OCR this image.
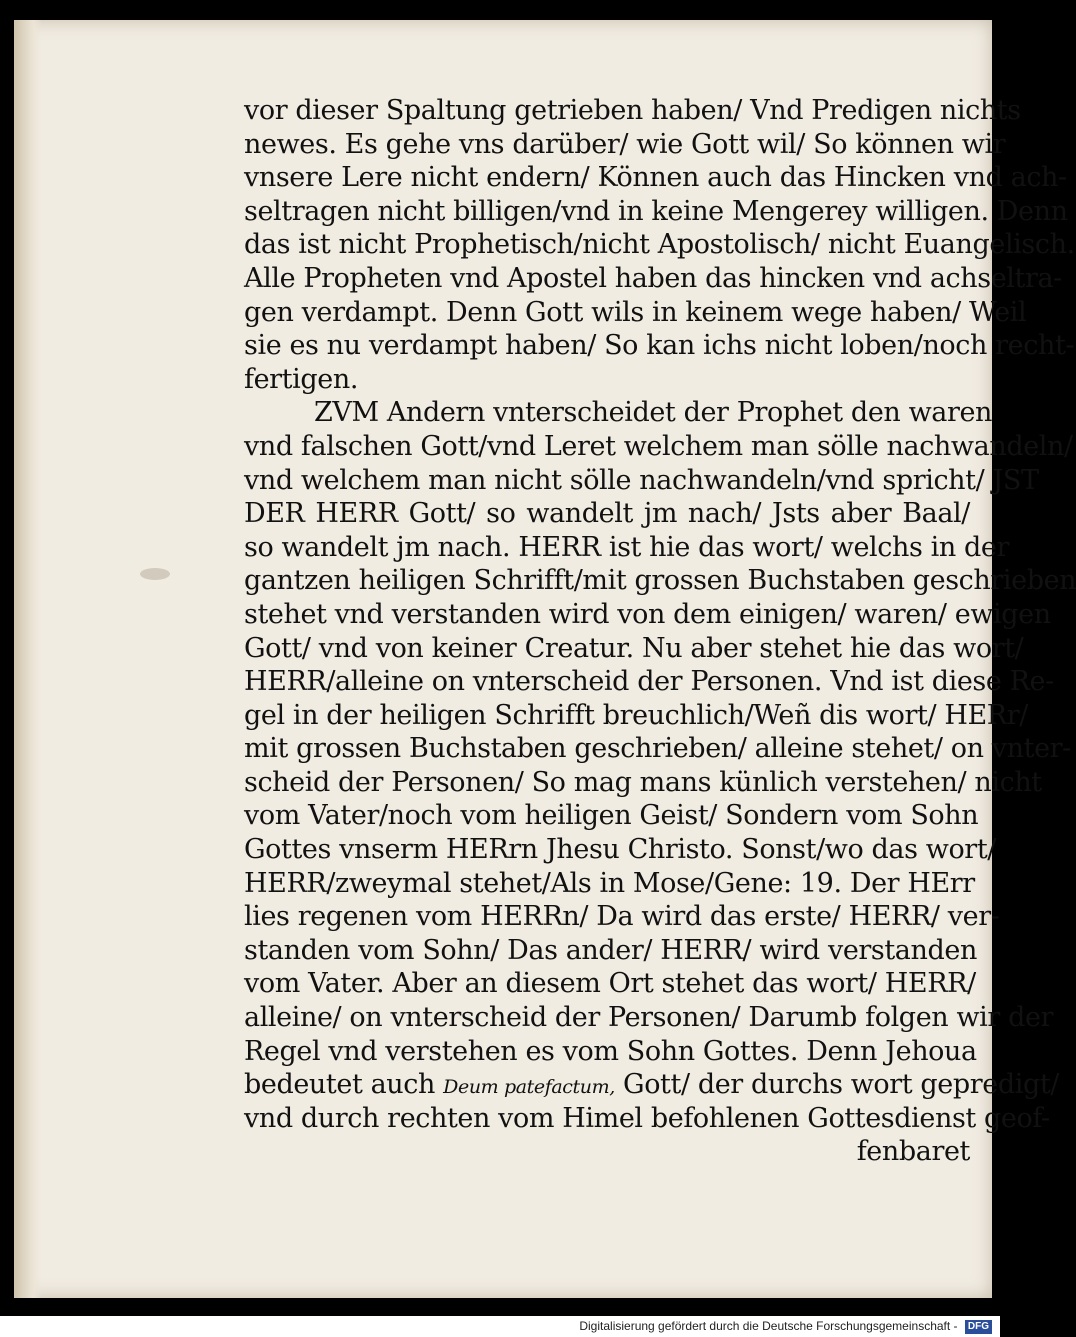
vor dieser Spaltung getrieben haben/ Vnd Predigen nichts
newes. Es gehe vns darüber/ wie Gott wil/ So können wir
vnsere Lere nicht endern/ Können auch das Hincken vnd ach-
seltragen nicht billigen/vnd in keine Mengerey willigen. Denn
das ist nicht Prophetisch/nicht Apostolisch/ nicht Euangelisch.
Alle Propheten vnd Apostel haben das hincken vnd achseltra-
gen verdampt. Denn Gott wils in keinem wege haben/ Weil
sie es nu verdampt haben/ So kan ichs nicht loben/noch recht-
fertigen.
ZVM Andern vnterscheidet der Prophet den waren
vnd falschen Gott/vnd Leret welchem man sölle nachwandeln/
vnd welchem man nicht sölle nachwandeln/vnd spricht/ JST
DER HERR Gott/ so wandelt jm nach/ Jsts aber Baal/
so wandelt jm nach. HERR ist hie das wort/ welchs in der
gantzen heiligen Schrifft/mit grossen Buchstaben geschrieben
stehet vnd verstanden wird von dem einigen/ waren/ ewigen
Gott/ vnd von keiner Creatur. Nu aber stehet hie das wort/
HERR/alleine on vnterscheid der Personen. Vnd ist diese Re-
gel in der heiligen Schrifft breuchlich/Weñ dis wort/ HERr/
mit grossen Buchstaben geschrieben/ alleine stehet/ on vnter-
scheid der Personen/ So mag mans künlich verstehen/ nicht
vom Vater/noch vom heiligen Geist/ Sondern vom Sohn
Gottes vnserm HERrn Jhesu Christo. Sonst/wo das wort/
HERR/zweymal stehet/Als in Mose/Gene: 19. Der HErr
lies regenen vom HERRn/ Da wird das erste/ HERR/ ver-
standen vom Sohn/ Das ander/ HERR/ wird verstanden
vom Vater. Aber an diesem Ort stehet das wort/ HERR/
alleine/ on vnterscheid der Personen/ Darumb folgen wir der
Regel vnd verstehen es vom Sohn Gottes. Denn Jehoua
bedeutet auch Deum patefactum, Gott/ der durchs wort gepredigt/
vnd durch rechten vom Himel befohlenen Gottesdienst geof-
fenbaret
Digitalisierung gefördert durch die Deutsche Forschungsgemeinschaft - DFG
